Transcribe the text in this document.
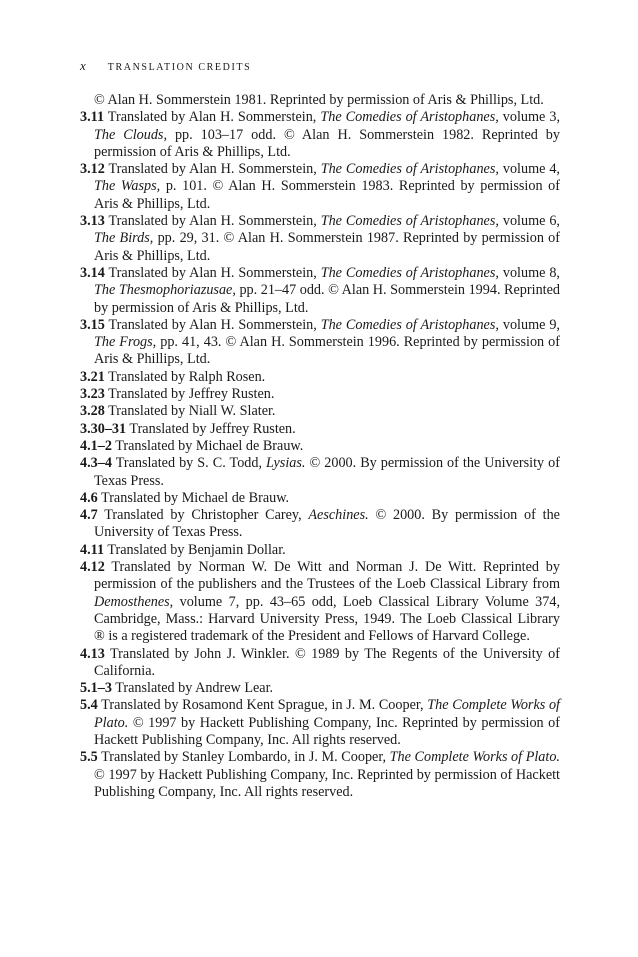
x TRANSLATION CREDITS

© Alan H. Sommerstein 1981. Reprinted by permission of Aris & Phillips, Ltd.

3.11 Translated by Alan H. Sommerstein, The Comedies of Aristophanes, volume 3, The Clouds, pp. 103–17 odd. © Alan H. Sommerstein 1982. Reprinted by permission of Aris & Phillips, Ltd.

3.12 Translated by Alan H. Sommerstein, The Comedies of Aristophanes, volume 4, The Wasps, p. 101. © Alan H. Sommerstein 1983. Reprinted by permission of Aris & Phillips, Ltd.

3.13 Translated by Alan H. Sommerstein, The Comedies of Aristophanes, volume 6, The Birds, pp. 29, 31. © Alan H. Sommerstein 1987. Reprinted by permission of Aris & Phillips, Ltd.

3.14 Translated by Alan H. Sommerstein, The Comedies of Aristophanes, volume 8, The Thesmophoriazusae, pp. 21–47 odd. © Alan H. Sommerstein 1994. Reprinted by permission of Aris & Phillips, Ltd.

3.15 Translated by Alan H. Sommerstein, The Comedies of Aristophanes, volume 9, The Frogs, pp. 41, 43. © Alan H. Sommerstein 1996. Reprinted by permission of Aris & Phillips, Ltd.

3.21 Translated by Ralph Rosen.

3.23 Translated by Jeffrey Rusten.

3.28 Translated by Niall W. Slater.

3.30–31 Translated by Jeffrey Rusten.

4.1–2 Translated by Michael de Brauw.

4.3–4 Translated by S. C. Todd, Lysias. © 2000. By permission of the University of Texas Press.

4.6 Translated by Michael de Brauw.

4.7 Translated by Christopher Carey, Aeschines. © 2000. By permission of the University of Texas Press.

4.11 Translated by Benjamin Dollar.

4.12 Translated by Norman W. De Witt and Norman J. De Witt. Reprinted by permission of the publishers and the Trustees of the Loeb Classical Library from Demosthenes, volume 7, pp. 43–65 odd, Loeb Classical Library Volume 374, Cambridge, Mass.: Harvard University Press, 1949. The Loeb Classical Library ® is a registered trademark of the President and Fellows of Harvard College.

4.13 Translated by John J. Winkler. © 1989 by The Regents of the University of California.

5.1–3 Translated by Andrew Lear.

5.4 Translated by Rosamond Kent Sprague, in J. M. Cooper, The Complete Works of Plato. © 1997 by Hackett Publishing Company, Inc. Reprinted by permission of Hackett Publishing Company, Inc. All rights reserved.

5.5 Translated by Stanley Lombardo, in J. M. Cooper, The Complete Works of Plato. © 1997 by Hackett Publishing Company, Inc. Reprinted by permission of Hackett Publishing Company, Inc. All rights reserved.
